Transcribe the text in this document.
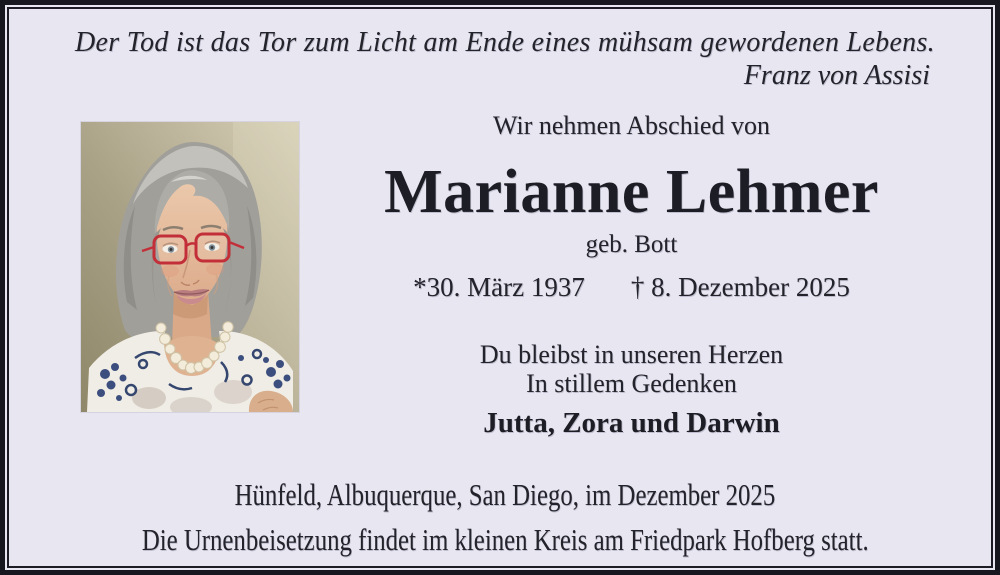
Der Tod ist das Tor zum Licht am Ende eines mühsam gewordenen Lebens.
Franz von Assisi
Wir nehmen Abschied von
Marianne Lehmer
geb. Bott
*30. März 1937 † 8. Dezember 2025
Du bleibst in unseren Herzen
In stillem Gedenken
Jutta, Zora und Darwin
Hünfeld, Albuquerque, San Diego, im Dezember 2025
Die Urnenbeisetzung findet im kleinen Kreis am Friedpark Hofberg statt.
